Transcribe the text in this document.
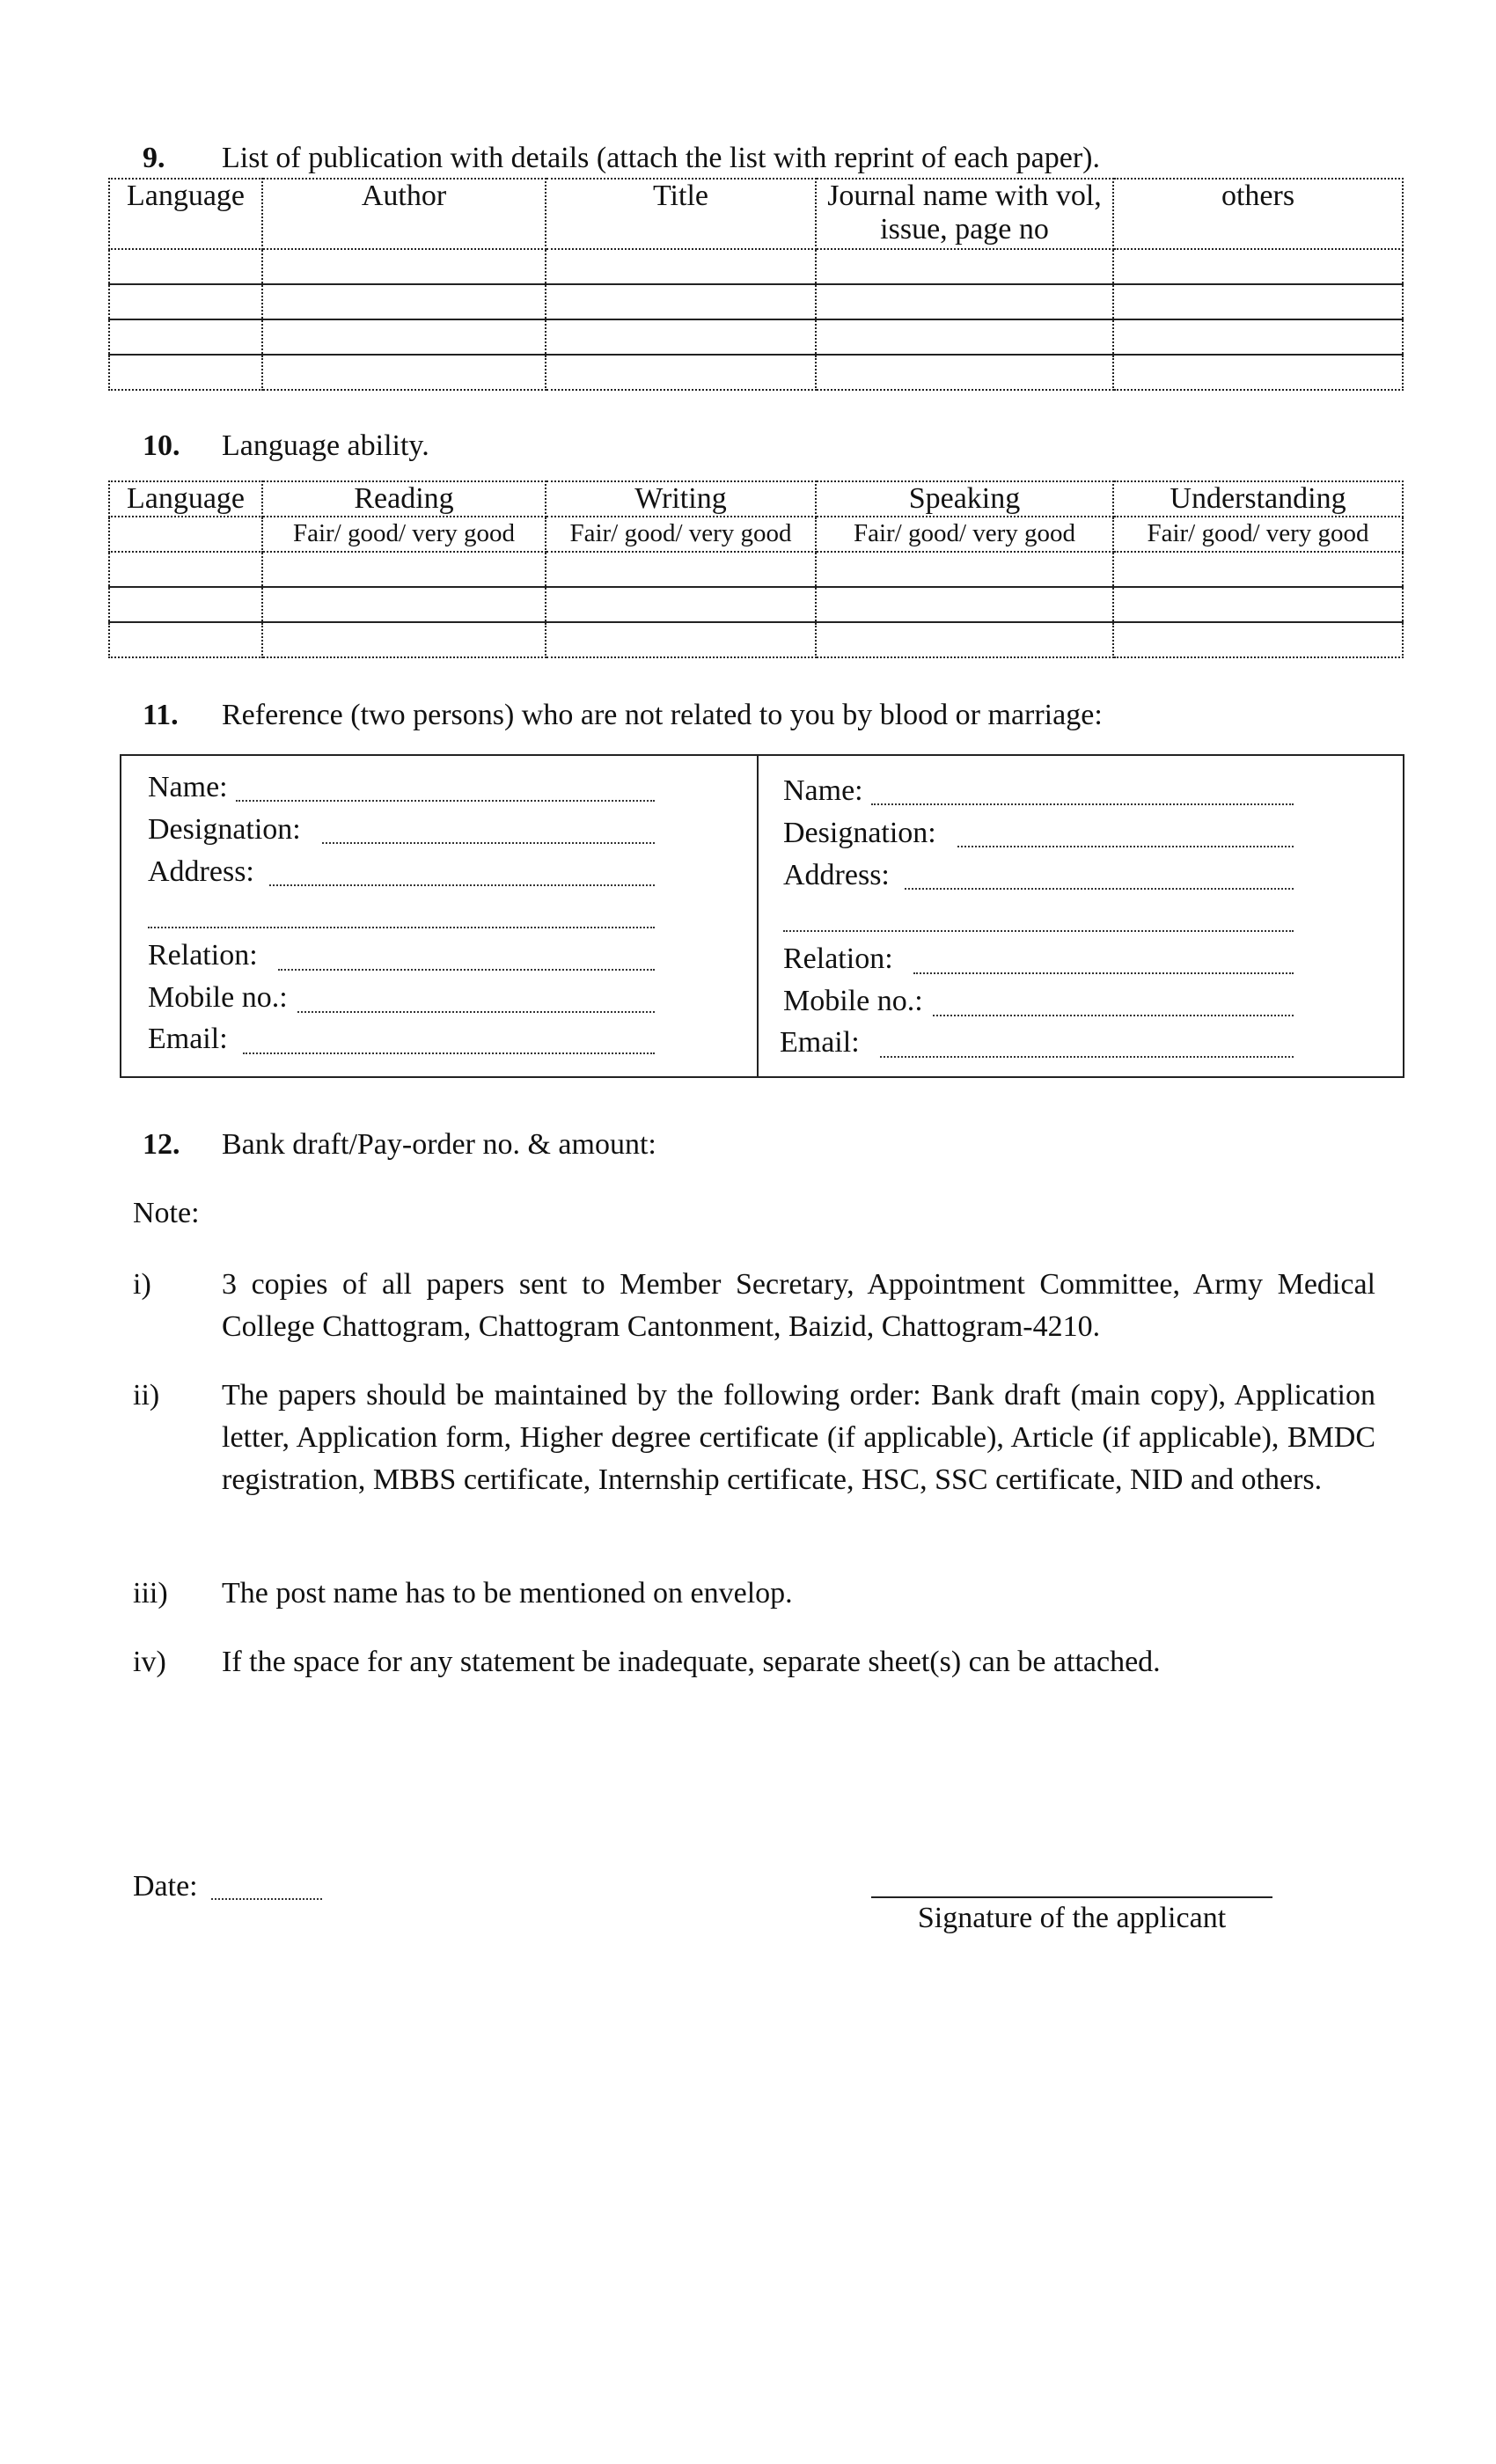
9. List of publication with details (attach the list with reprint of each paper).
Language	Author	Title	Journal name with vol, issue, page no	others

10. Language ability.
Language	Reading	Writing	Speaking	Understanding
	Fair/ good/ very good	Fair/ good/ very good	Fair/ good/ very good	Fair/ good/ very good

11. Reference (two persons) who are not related to you by blood or marriage:
Name:
Designation:
Address:
Relation:
Mobile no.:
Email:
Name:
Designation:
Address:
Relation:
Mobile no.:
Email:
12. Bank draft/Pay-order no. & amount:
Note:
i) 3 copies of all papers sent to Member Secretary, Appointment Committee, Army Medical College Chattogram, Chattogram Cantonment, Baizid, Chattogram-4210.
ii) The papers should be maintained by the following order: Bank draft (main copy), Application letter, Application form, Higher degree certificate (if applicable), Article (if applicable), BMDC registration, MBBS certificate, Internship certificate, HSC, SSC certificate, NID and others.
iii) The post name has to be mentioned on envelop.
iv) If the space for any statement be inadequate, separate sheet(s) can be attached.
Date:
Signature of the applicant
